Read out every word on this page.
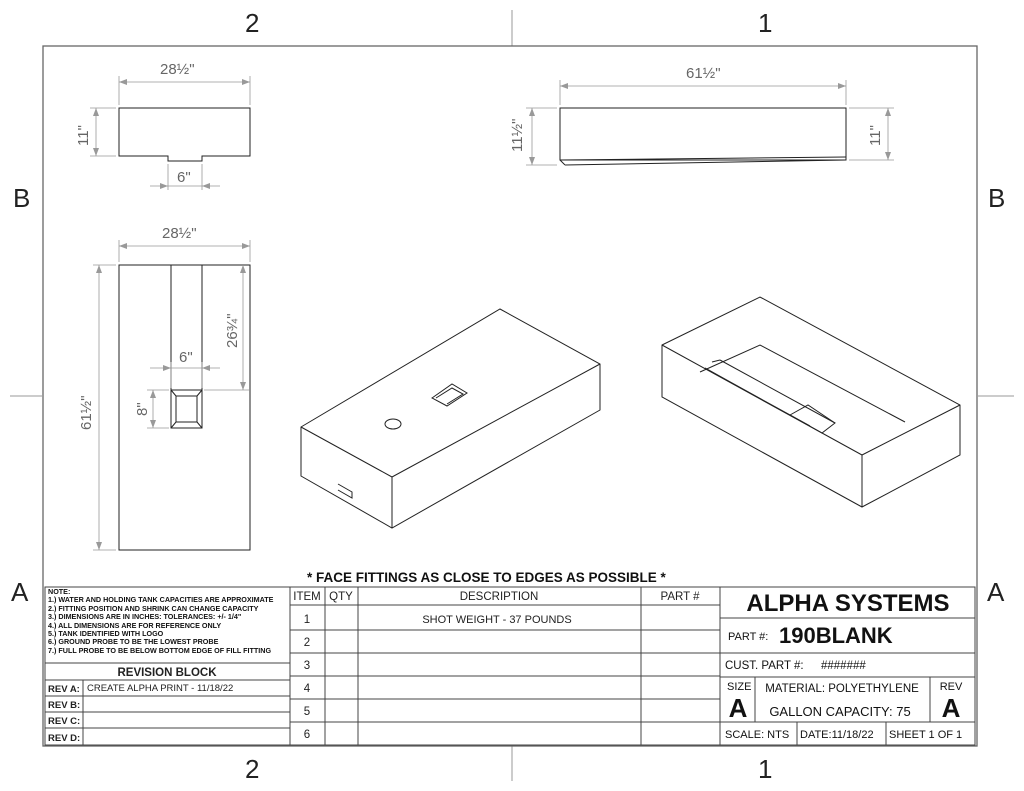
2	1
2	1
B
A
B
A
28½"
11"
6"
61½"
11½"	11"
28½"
61½"
26¾"
6"
8"
* FACE FITTINGS AS CLOSE TO EDGES AS POSSIBLE *
ITEM QTY	DESCRIPTION	PART #
1	SHOT WEIGHT - 37 POUNDS
2
3
4
5
6
REVISION BLOCK
REV A: CREATE ALPHA PRINT - 11/18/22
REV B:
REV C:
REV D:
ALPHA SYSTEMS
PART #: 190BLANK
CUST. PART #: #######
SIZE
A
MATERIAL: POLYETHYLENE
GALLON CAPACITY: 75
REV
A
SCALE: NTS DATE:11/18/22 SHEET 1 OF 1
NOTE:
1.) WATER AND HOLDING TANK CAPACITIES ARE APPROXIMATE
2.) FITTING POSITION AND SHRINK CAN CHANGE CAPACITY
3.) DIMENSIONS ARE IN INCHES: TOLERANCES: +/- 1/4"
4.) ALL DIMENSIONS ARE FOR REFERENCE ONLY
5.) TANK IDENTIFIED WITH LOGO
6.) GROUND PROBE TO BE THE LOWEST PROBE
7.) FULL PROBE TO BE BELOW BOTTOM EDGE OF FILL FITTING
